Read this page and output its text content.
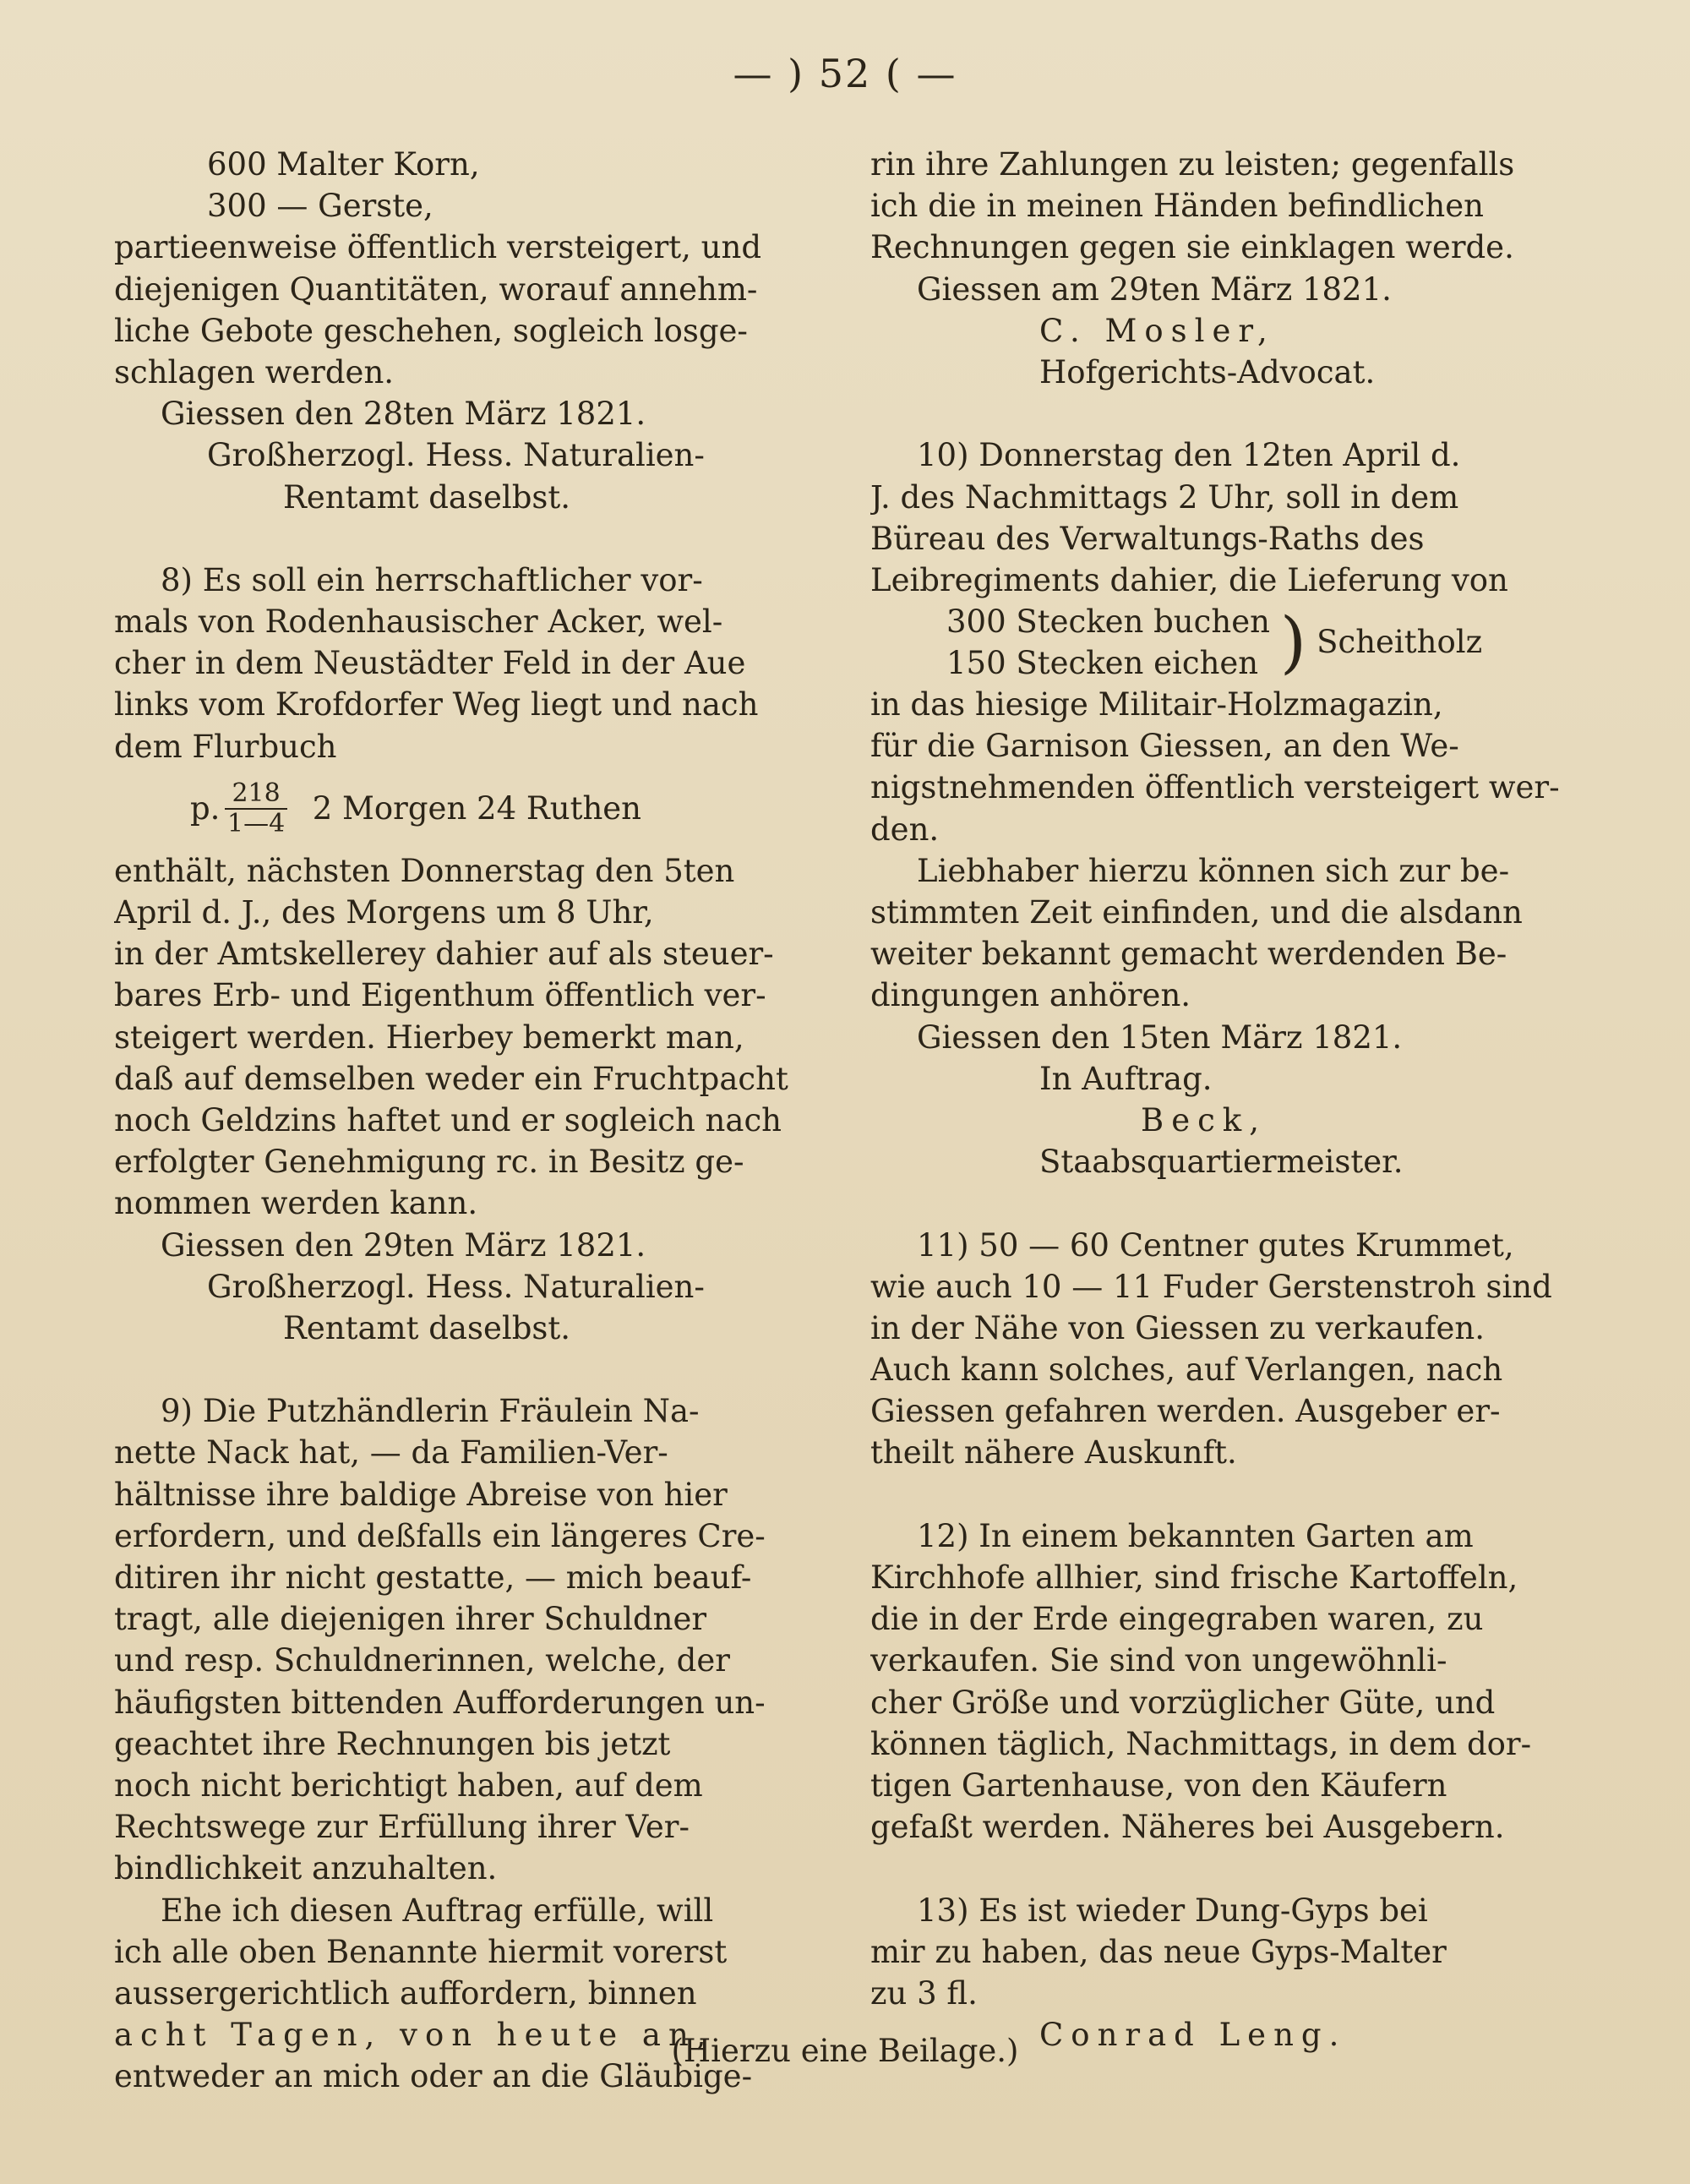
— ) 52 ( —
600 Malter Korn,
300 — Gerste,
partieenweise öffentlich versteigert, und
diejenigen Quantitäten, worauf annehm-
liche Gebote geschehen, sogleich losge-
schlagen werden.
Giessen den 28ten März 1821.
Großherzogl. Hess. Naturalien-
Rentamt daselbst.
8) Es soll ein herrschaftlicher vor-
mals von Rodenhausischer Acker, wel-
cher in dem Neustädter Feld in der Aue
links vom Krofdorfer Weg liegt und nach
dem Flurbuch
p. $\frac{218}{1—4} 2$ Morgen 24 Ruthen
enthält, nächsten Donnerstag den 5ten
April d. J., des Morgens um 8 Uhr,
in der Amtskellerey dahier auf als steuer-
bares Erb- und Eigenthum öffentlich ver-
steigert werden. Hierbey bemerkt man,
daß auf demselben weder ein Fruchtpacht
noch Geldzins haftet und er sogleich nach
erfolgter Genehmigung rc. in Besitz ge-
nommen werden kann.
Giessen den 29ten März 1821.
Großherzogl. Hess. Naturalien-
Rentamt daselbst.
9) Die Putzhändlerin Fräulein Na-
nette Nack hat, — da Familien-Ver-
hältnisse ihre baldige Abreise von hier
erfordern, und deßfalls ein längeres Cre-
ditiren ihr nicht gestatte, — mich beauf-
tragt, alle diejenigen ihrer Schuldner
und resp. Schuldnerinnen, welche, der
häufigsten bittenden Aufforderungen un-
geachtet ihre Rechnungen bis jetzt
noch nicht berichtigt haben, auf dem
Rechtswege zur Erfüllung ihrer Ver-
bindlichkeit anzuhalten.
Ehe ich diesen Auftrag erfülle, will
ich alle oben Benannte hiermit vorerst
aussergerichtlich auffordern, binnen
acht Tagen, von heute an,
entweder an mich oder an die Gläubige-
rin ihre Zahlungen zu leisten; gegenfalls
ich die in meinen Händen befindlichen
Rechnungen gegen sie einklagen werde.
Giessen am 29ten März 1821.
C. Mosler,
Hofgerichts-Advocat.
10) Donnerstag den 12ten April d.
J. des Nachmittags 2 Uhr, soll in dem
Büreau des Verwaltungs-Raths des
Leibregiments dahier, die Lieferung von
300 Stecken buchen
150 Stecken eichen ) Scheitholz
in das hiesige Militair-Holzmagazin,
für die Garnison Giessen, an den We-
nigstnehmenden öffentlich versteigert wer-
den.
Liebhaber hierzu können sich zur be-
stimmten Zeit einfinden, und die alsdann
weiter bekannt gemacht werdenden Be-
dingungen anhören.
Giessen den 15ten März 1821.
In Auftrag.
Beck,
Staabsquartiermeister.
11) 50 — 60 Centner gutes Krummet,
wie auch 10 — 11 Fuder Gerstenstroh sind
in der Nähe von Giessen zu verkaufen.
Auch kann solches, auf Verlangen, nach
Giessen gefahren werden. Ausgeber er-
theilt nähere Auskunft.
12) In einem bekannten Garten am
Kirchhofe allhier, sind frische Kartoffeln,
die in der Erde eingegraben waren, zu
verkaufen. Sie sind von ungewöhnli-
cher Größe und vorzüglicher Güte, und
können täglich, Nachmittags, in dem dor-
tigen Gartenhause, von den Käufern
gefaßt werden. Näheres bei Ausgebern.
13) Es ist wieder Dung-Gyps bei
mir zu haben, das neue Gyps-Malter
zu 3 fl.
Conrad Leng.
(Hierzu eine Beilage.)
